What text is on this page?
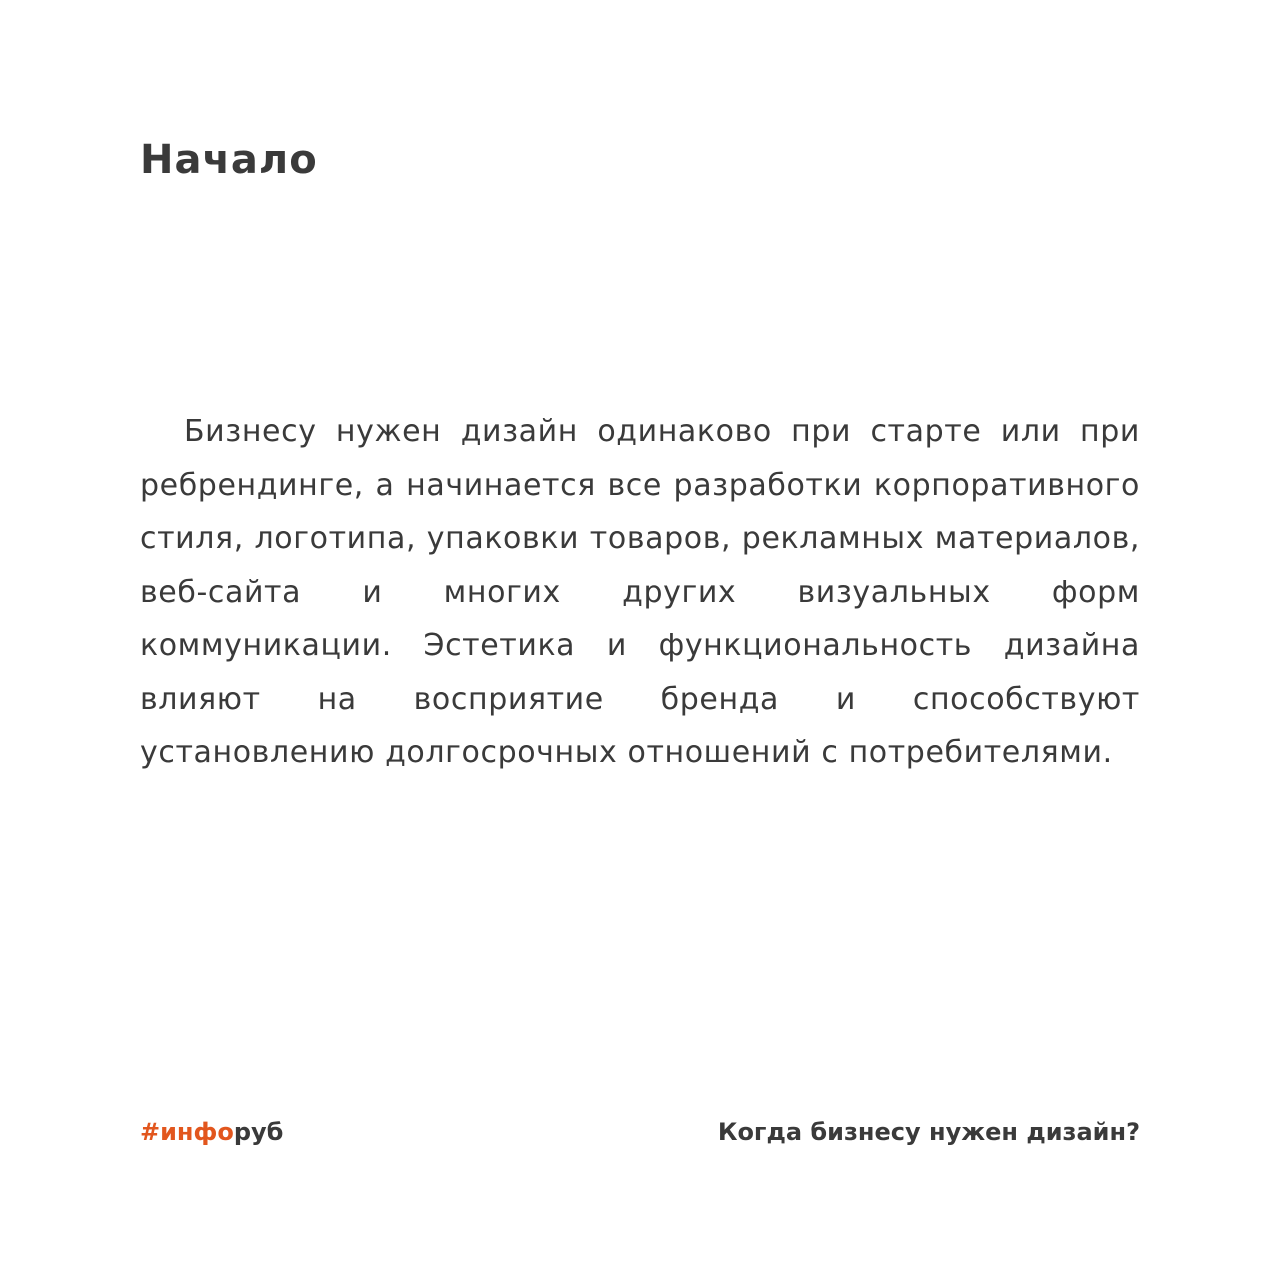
Начало

Бизнесу нужен дизайн одинаково при старте или при ребрендинге, а начинается все разработки корпоративного стиля, логотипа, упаковки товаров, рекламных материалов, веб-сайта и многих других визуальных форм коммуникации. Эстетика и функциональность дизайна влияют на восприятие бренда и способствуют установлению долгосрочных отношений с потребителями.

#инфоруб	Когда бизнесу нужен дизайн?
